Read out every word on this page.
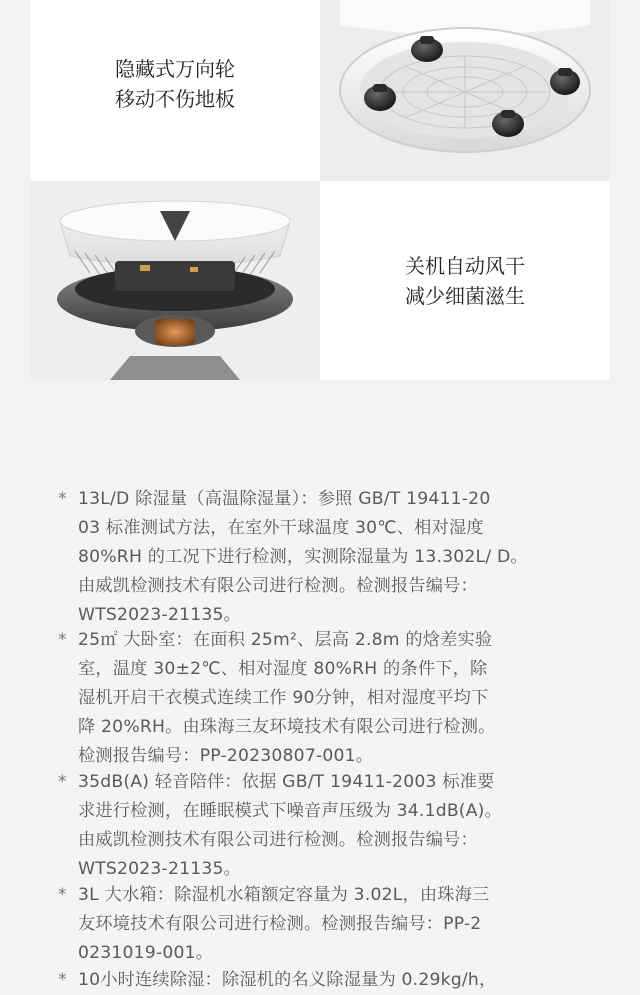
隐藏式万向轮
移动不伤地板
关机自动风干
减少细菌滋生
* 13L/D 除湿量（高温除湿量）：参照 GB/T 19411-20
03 标准测试方法，在室外干球温度 30℃、相对湿度
80%RH 的工况下进行检测，实测除湿量为 13.302L/ D。
由威凯检测技术有限公司进行检测。检测报告编号：
WTS2023-21135。
* 25㎡ 大卧室：在面积 25m²、层高 2.8m 的焓差实验
室，温度 30±2℃、相对湿度 80%RH 的条件下，除
湿机开启干衣模式连续工作 90分钟，相对湿度平均下
降 20%RH。由珠海三友环境技术有限公司进行检测。
检测报告编号：PP-20230807-001。
* 35dB(A) 轻音陪伴：依据 GB/T 19411-2003 标准要
求进行检测，在睡眠模式下噪音声压级为 34.1dB(A)。
由威凯检测技术有限公司进行检测。检测报告编号：
WTS2023-21135。
* 3L 大水箱：除湿机水箱额定容量为 3.02L，由珠海三
友环境技术有限公司进行检测。检测报告编号：PP-2
0231019-001。
* 10小时连续除湿：除湿机的名义除湿量为 0.29kg/h，
